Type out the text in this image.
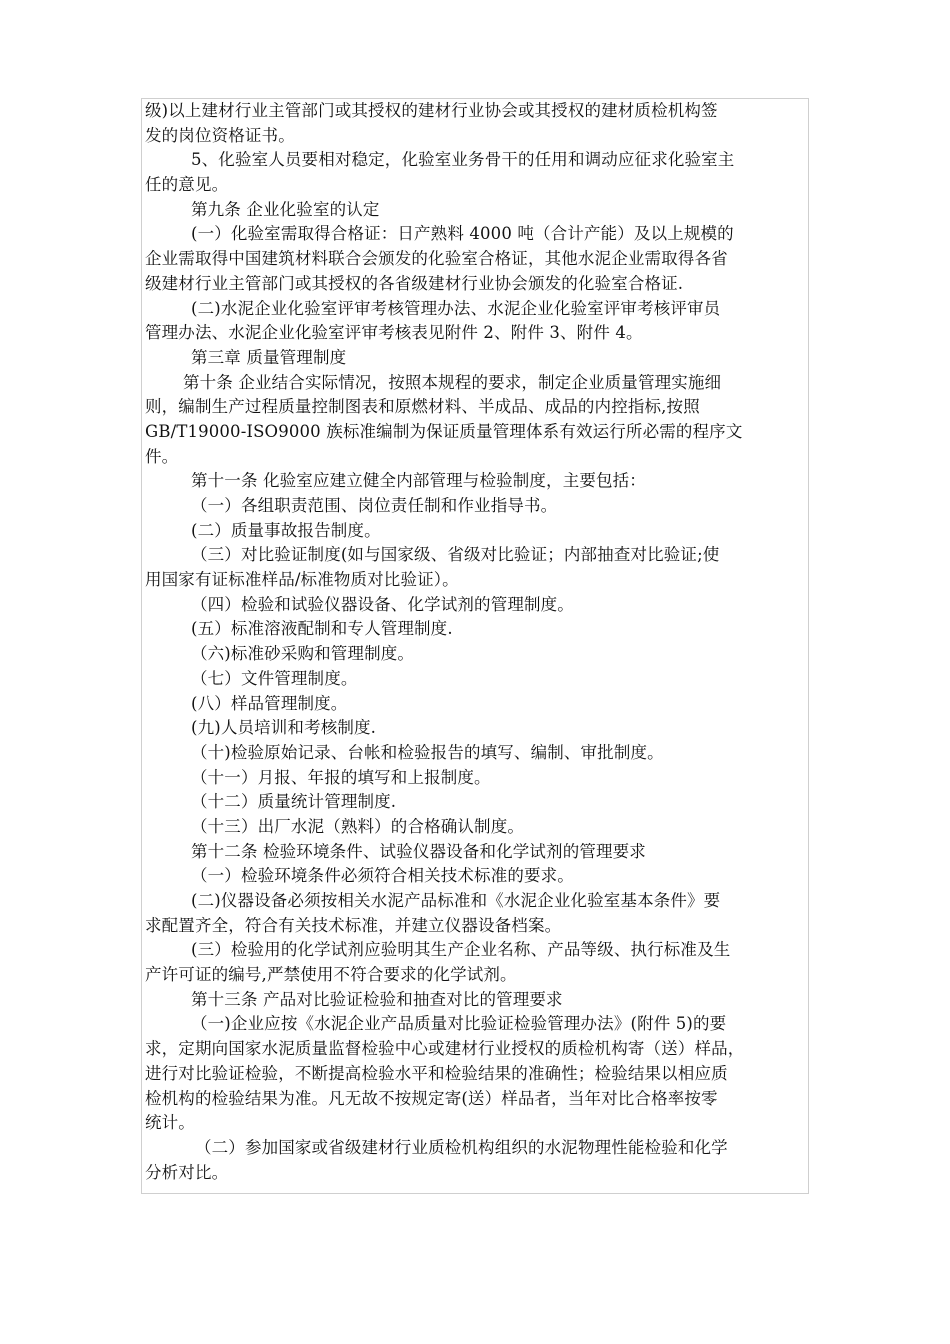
级)以上建材行业主管部门或其授权的建材行业协会或其授权的建材质检机构签
发的岗位资格证书。
5、化验室人员要相对稳定，化验室业务骨干的任用和调动应征求化验室主
任的意见。
第九条 企业化验室的认定
(一）化验室需取得合格证：日产熟料 4000 吨（合计产能）及以上规模的
企业需取得中国建筑材料联合会颁发的化验室合格证，其他水泥企业需取得各省
级建材行业主管部门或其授权的各省级建材行业协会颁发的化验室合格证.
(二)水泥企业化验室评审考核管理办法、水泥企业化验室评审考核评审员
管理办法、水泥企业化验室评审考核表见附件 2、附件 3、附件 4。
第三章 质量管理制度
第十条 企业结合实际情况，按照本规程的要求，制定企业质量管理实施细
则，编制生产过程质量控制图表和原燃材料、半成品、成品的内控指标,按照
GB/T19000-ISO9000 族标准编制为保证质量管理体系有效运行所必需的程序文
件。
第十一条 化验室应建立健全内部管理与检验制度，主要包括：
（一）各组职责范围、岗位责任制和作业指导书。
(二）质量事故报告制度。
（三）对比验证制度(如与国家级、省级对比验证；内部抽查对比验证;使
用国家有证标准样品/标准物质对比验证）。
（四）检验和试验仪器设备、化学试剂的管理制度。
(五）标准溶液配制和专人管理制度.
（六)标准砂采购和管理制度。
（七）文件管理制度。
(八）样品管理制度。
(九)人员培训和考核制度.
（十)检验原始记录、台帐和检验报告的填写、编制、审批制度。
（十一）月报、年报的填写和上报制度。
（十二）质量统计管理制度.
（十三）出厂水泥（熟料）的合格确认制度。
第十二条 检验环境条件、试验仪器设备和化学试剂的管理要求
（一）检验环境条件必须符合相关技术标准的要求。
(二)仪器设备必须按相关水泥产品标准和《水泥企业化验室基本条件》要
求配置齐全，符合有关技术标准，并建立仪器设备档案。
(三）检验用的化学试剂应验明其生产企业名称、产品等级、执行标准及生
产许可证的编号,严禁使用不符合要求的化学试剂。
第十三条 产品对比验证检验和抽查对比的管理要求
（一)企业应按《水泥企业产品质量对比验证检验管理办法》(附件 5)的要
求，定期向国家水泥质量监督检验中心或建材行业授权的质检机构寄（送）样品，
进行对比验证检验，不断提高检验水平和检验结果的准确性；检验结果以相应质
检机构的检验结果为准。凡无故不按规定寄(送）样品者，当年对比合格率按零
统计。
（二）参加国家或省级建材行业质检机构组织的水泥物理性能检验和化学
分析对比。
